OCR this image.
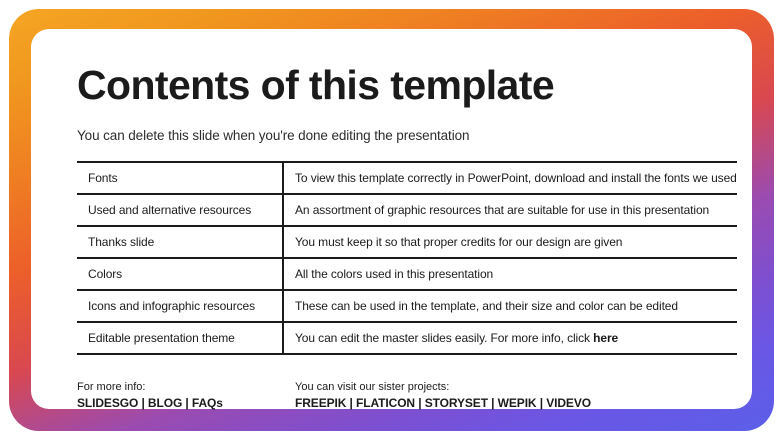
Contents of this template
You can delete this slide when you're done editing the presentation
Fonts	To view this template correctly in PowerPoint, download and install the fonts we used
Used and alternative resources	An assortment of graphic resources that are suitable for use in this presentation
Thanks slide	You must keep it so that proper credits for our design are given
Colors	All the colors used in this presentation
Icons and infographic resources	These can be used in the template, and their size and color can be edited
Editable presentation theme	You can edit the master slides easily. For more info, click here
For more info:
SLIDESGO | BLOG | FAQs
You can visit our sister projects:
FREEPIK | FLATICON | STORYSET | WEPIK | VIDEVO
